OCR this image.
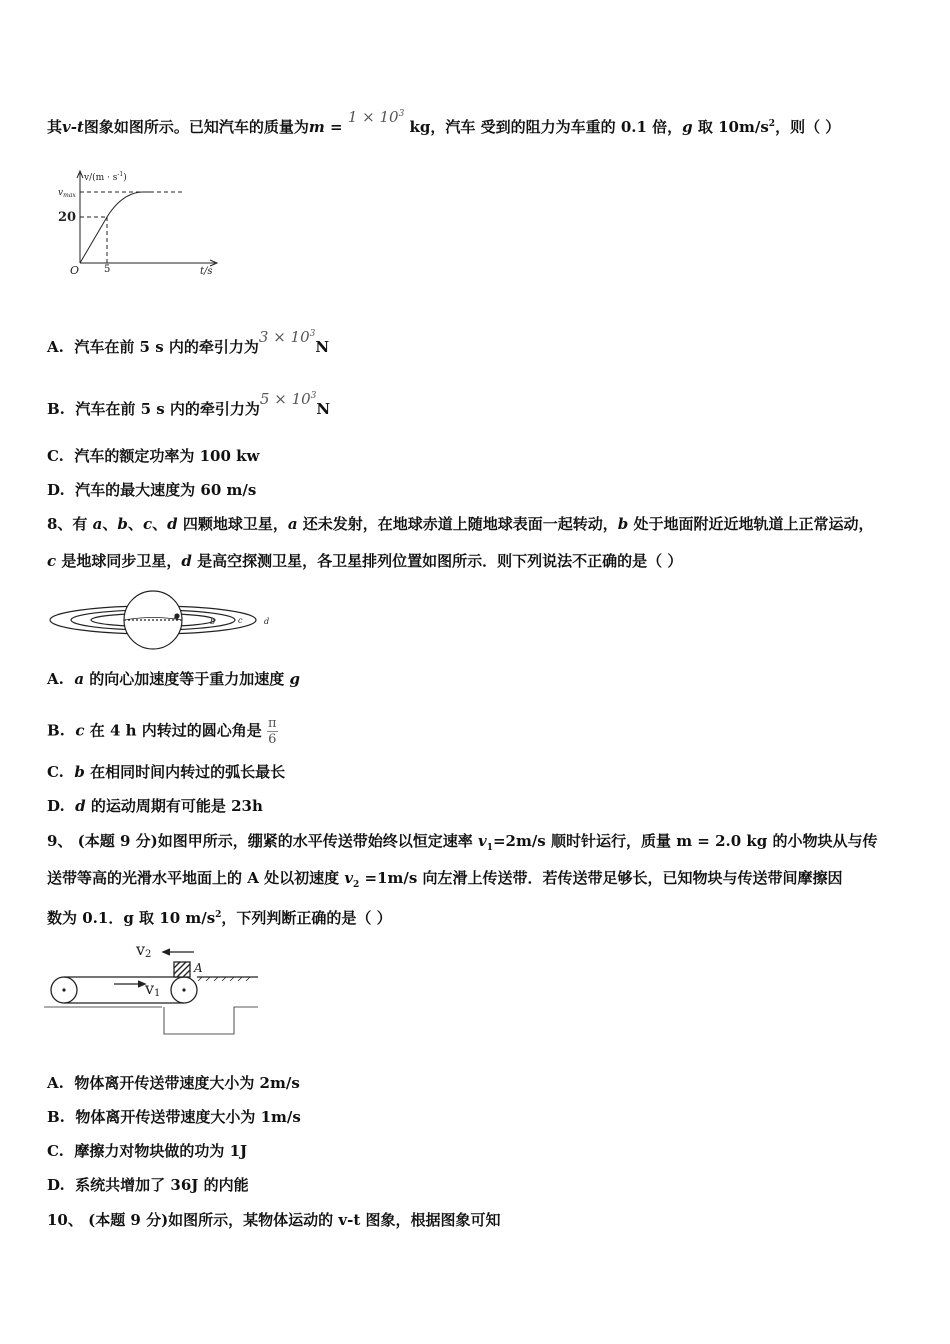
其v-t图象如图所示。已知汽车的质量为$m = 1 \times 10^3$ kg，汽车 受到的阻力为车重的 0.1 倍，g 取 $10m/s^2$，则（ ）
$v/(m \cdot s^{-1})$
$v_{max}$
20
O 5	t/s
A. 汽车在前 5 s 内的牵引力为$3 \times 10^3N$
B. 汽车在前 5 s 内的牵引力为$5 \times 10^3N$
C. 汽车的额定功率为 100 kw
D. 汽车的最大速度为 60 m/s
8、有 a、b、c、d 四颗地球卫星，a 还未发射，在地球赤道上随地球表面一起转动，b 处于地面附近近地轨道上正常运动，
c 是地球同步卫星，d 是高空探测卫星，各卫星排列位置如图所示．则下列说法不正确的是（ ）
a
b	c	d
A. a 的向心加速度等于重力加速度 g
B. c 在 4 h 内转过的圆心角是 $\frac{\pi}{6}$
C. b 在相同时间内转过的弧长最长
D. d 的运动周期有可能是 23h
9、 (本题 9 分)如图甲所示，绷紧的水平传送带始终以恒定速率 $v_1=2m/s$ 顺时针运行，质量 m = 2.0 kg 的小物块从与传
送带等高的光滑水平地面上的 A 处以初速度 $v_2 =1m/s$ 向左滑上传送带．若传送带足够长，已知物块与传送带间摩擦因
数为 0.1．g 取 10 $m/s^2$，下列判断正确的是（ ）
v2
A
v1
A. 物体离开传送带速度大小为 2m/s
B. 物体离开传送带速度大小为 1m/s
C. 摩擦力对物块做的功为 1J
D. 系统共增加了 36J 的内能
10、 (本题 9 分)如图所示，某物体运动的 v-t 图象，根据图象可知
